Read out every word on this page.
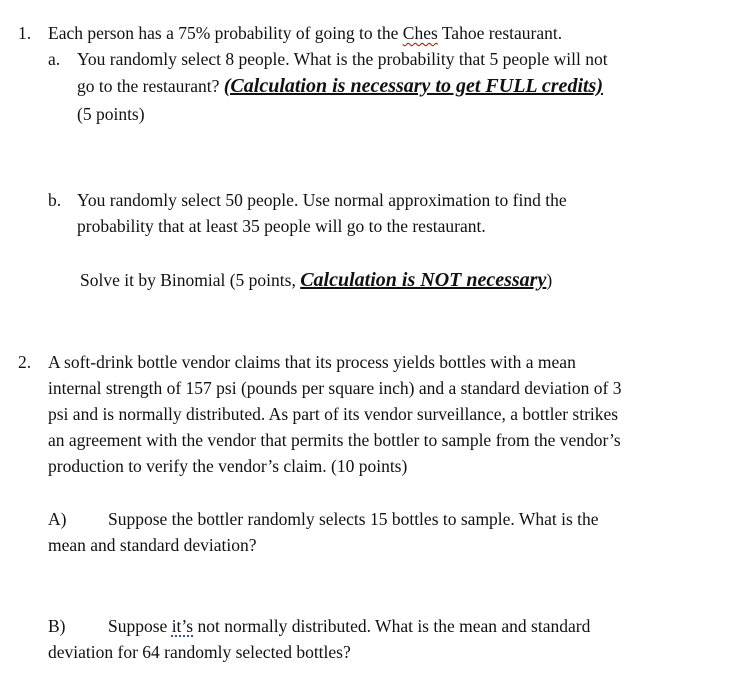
1. Each person has a 75% probability of going to the Ches Tahoe restaurant.
a. You randomly select 8 people. What is the probability that 5 people will not
go to the restaurant? (Calculation is necessary to get FULL credits)
(5 points)
b. You randomly select 50 people. Use normal approximation to find the
probability that at least 35 people will go to the restaurant.
Solve it by Binomial (5 points, Calculation is NOT necessary)
2. A soft-drink bottle vendor claims that its process yields bottles with a mean
internal strength of 157 psi (pounds per square inch) and a standard deviation of 3
psi and is normally distributed. As part of its vendor surveillance, a bottler strikes
an agreement with the vendor that permits the bottler to sample from the vendor’s
production to verify the vendor’s claim. (10 points)
A) Suppose the bottler randomly selects 15 bottles to sample. What is the
mean and standard deviation?
B) Suppose it’s not normally distributed. What is the mean and standard
deviation for 64 randomly selected bottles?
